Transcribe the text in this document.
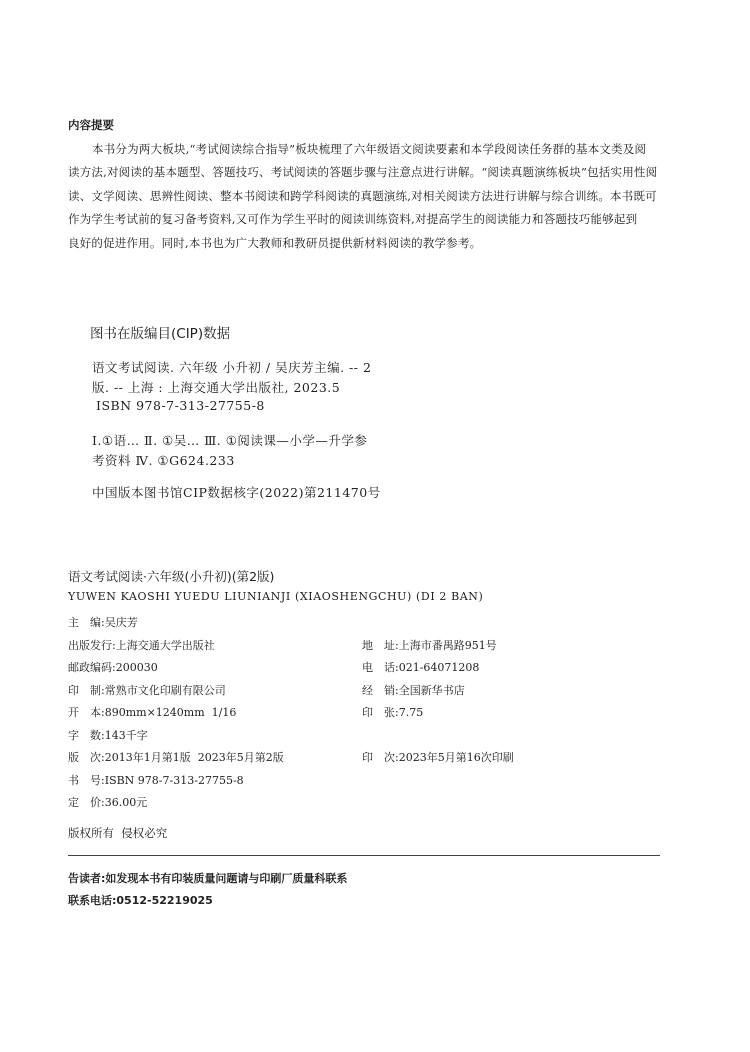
内容提要
本书分为两大板块,“考试阅读综合指导”板块梳理了六年级语文阅读要素和本学段阅读任务群的基本文类及阅
读方法,对阅读的基本题型、答题技巧、考试阅读的答题步骤与注意点进行讲解。“阅读真题演练板块”包括实用性阅
读、文学阅读、思辨性阅读、整本书阅读和跨学科阅读的真题演练,对相关阅读方法进行讲解与综合训练。本书既可
作为学生考试前的复习备考资料,又可作为学生平时的阅读训练资料,对提高学生的阅读能力和答题技巧能够起到
良好的促进作用。同时,本书也为广大教师和教研员提供新材料阅读的教学参考。
图书在版编目(CIP)数据
语文考试阅读. 六年级 小升初 / 吴庆芳主编. -- 2
版. -- 上海 : 上海交通大学出版社, 2023.5
ISBN 978-7-313-27755-8
Ⅰ.①语… Ⅱ. ①吴… Ⅲ. ①阅读课—小学—升学参
考资料 Ⅳ. ①G624.233
中国版本图书馆CIP数据核字(2022)第211470号
语文考试阅读·六年级(小升初)(第2版)
YUWEN KAOSHI YUEDU LIUNIANJI (XIAOSHENGCHU) (DI 2 BAN)
主 编:吴庆芳
出版发行:上海交通大学出版社	地 址:上海市番禺路951号
邮政编码:200030	电 话:021-64071208
印 制:常熟市文化印刷有限公司	经 销:全国新华书店
开 本:890mm×1240mm  1/16	印 张:7.75
字 数:143千字
版 次:2013年1月第1版  2023年5月第2版	印 次:2023年5月第16次印刷
书 号:ISBN 978-7-313-27755-8
定 价:36.00元
版权所有  侵权必究
告读者:如发现本书有印装质量问题请与印刷厂质量科联系
联系电话:0512-52219025
